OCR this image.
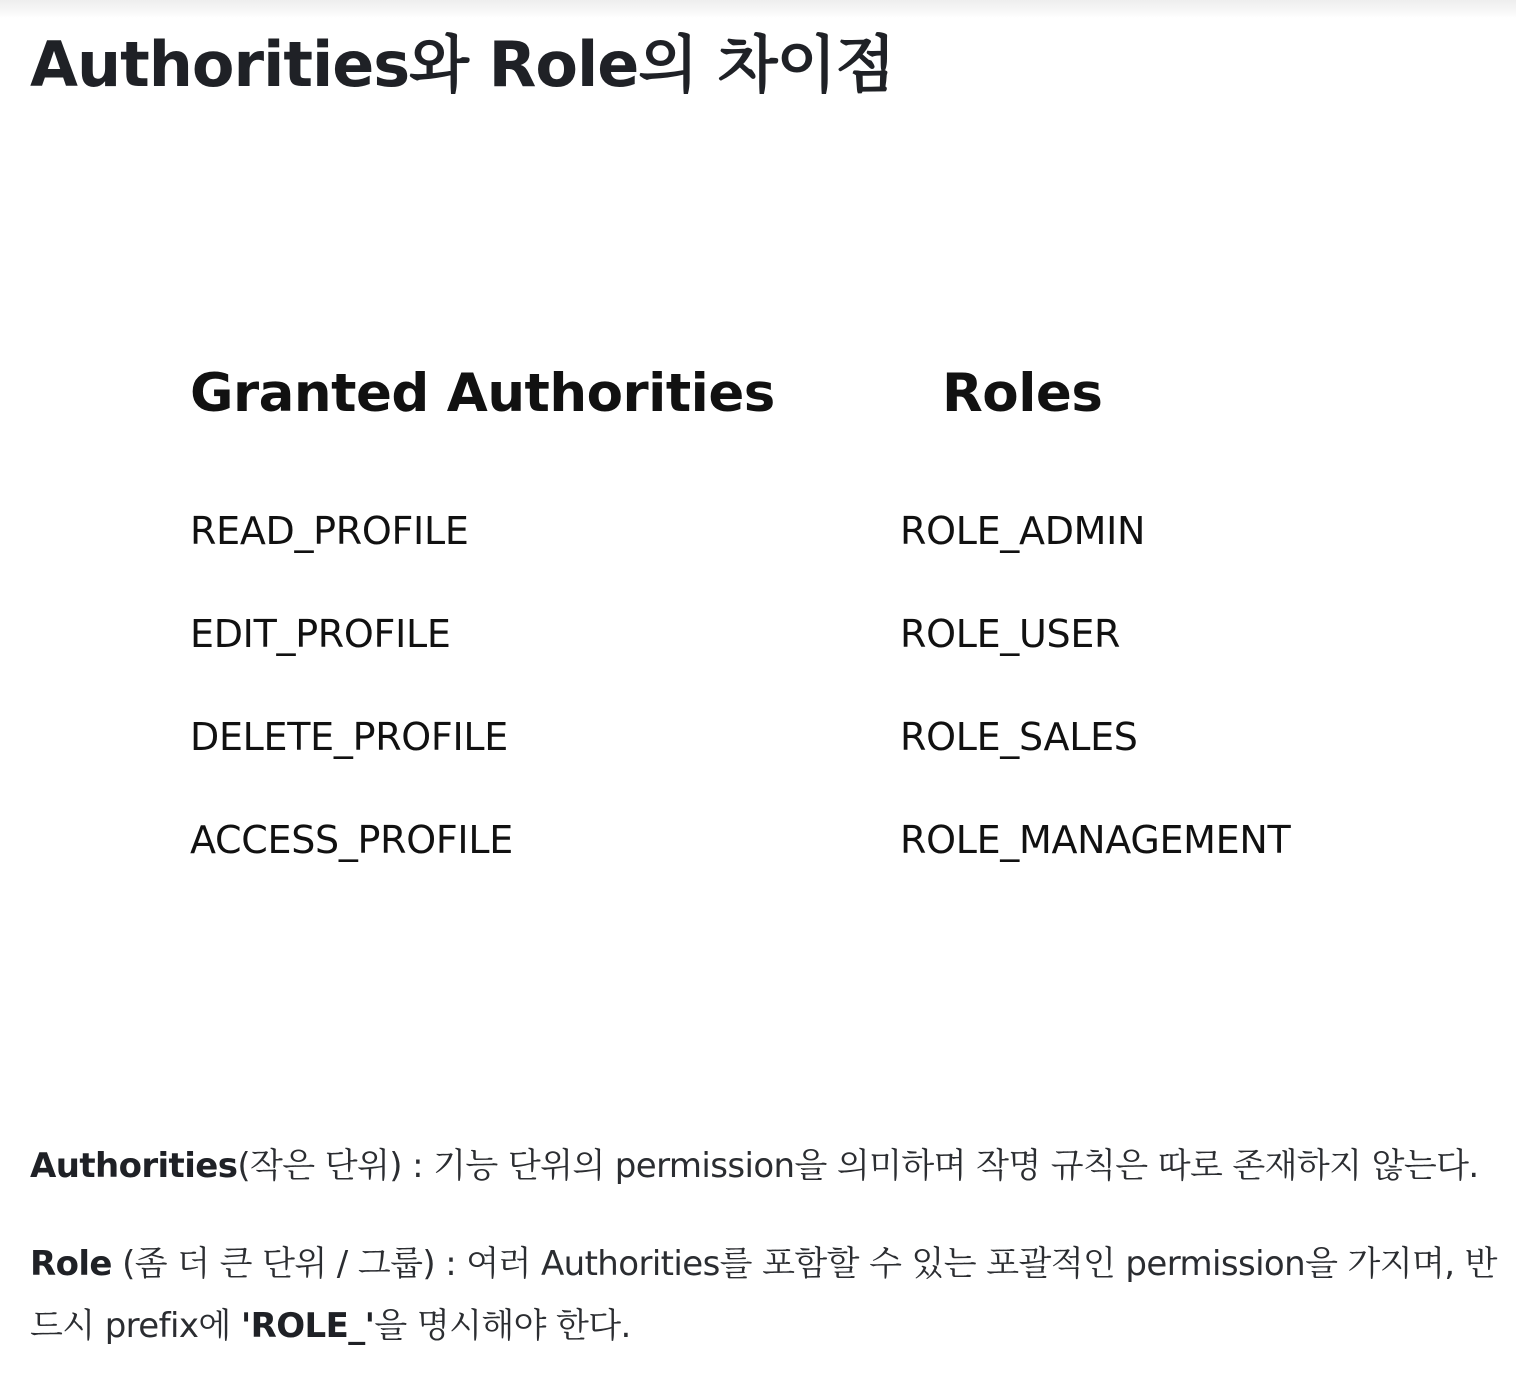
Authorities와 Role의 차이점
Granted Authorities	Roles
READ_PROFILE
EDIT_PROFILE
DELETE_PROFILE
ACCESS_PROFILE
ROLE_ADMIN
ROLE_USER
ROLE_SALES
ROLE_MANAGEMENT

Authorities(작은 단위) : 기능 단위의 permission을 의미하며 작명 규칙은 따로 존재하지 않는다.

Role (좀 더 큰 단위 / 그룹) : 여러 Authorities를 포함할 수 있는 포괄적인 permission을 가지며, 반드시 prefix에 'ROLE_'을 명시해야 한다.
